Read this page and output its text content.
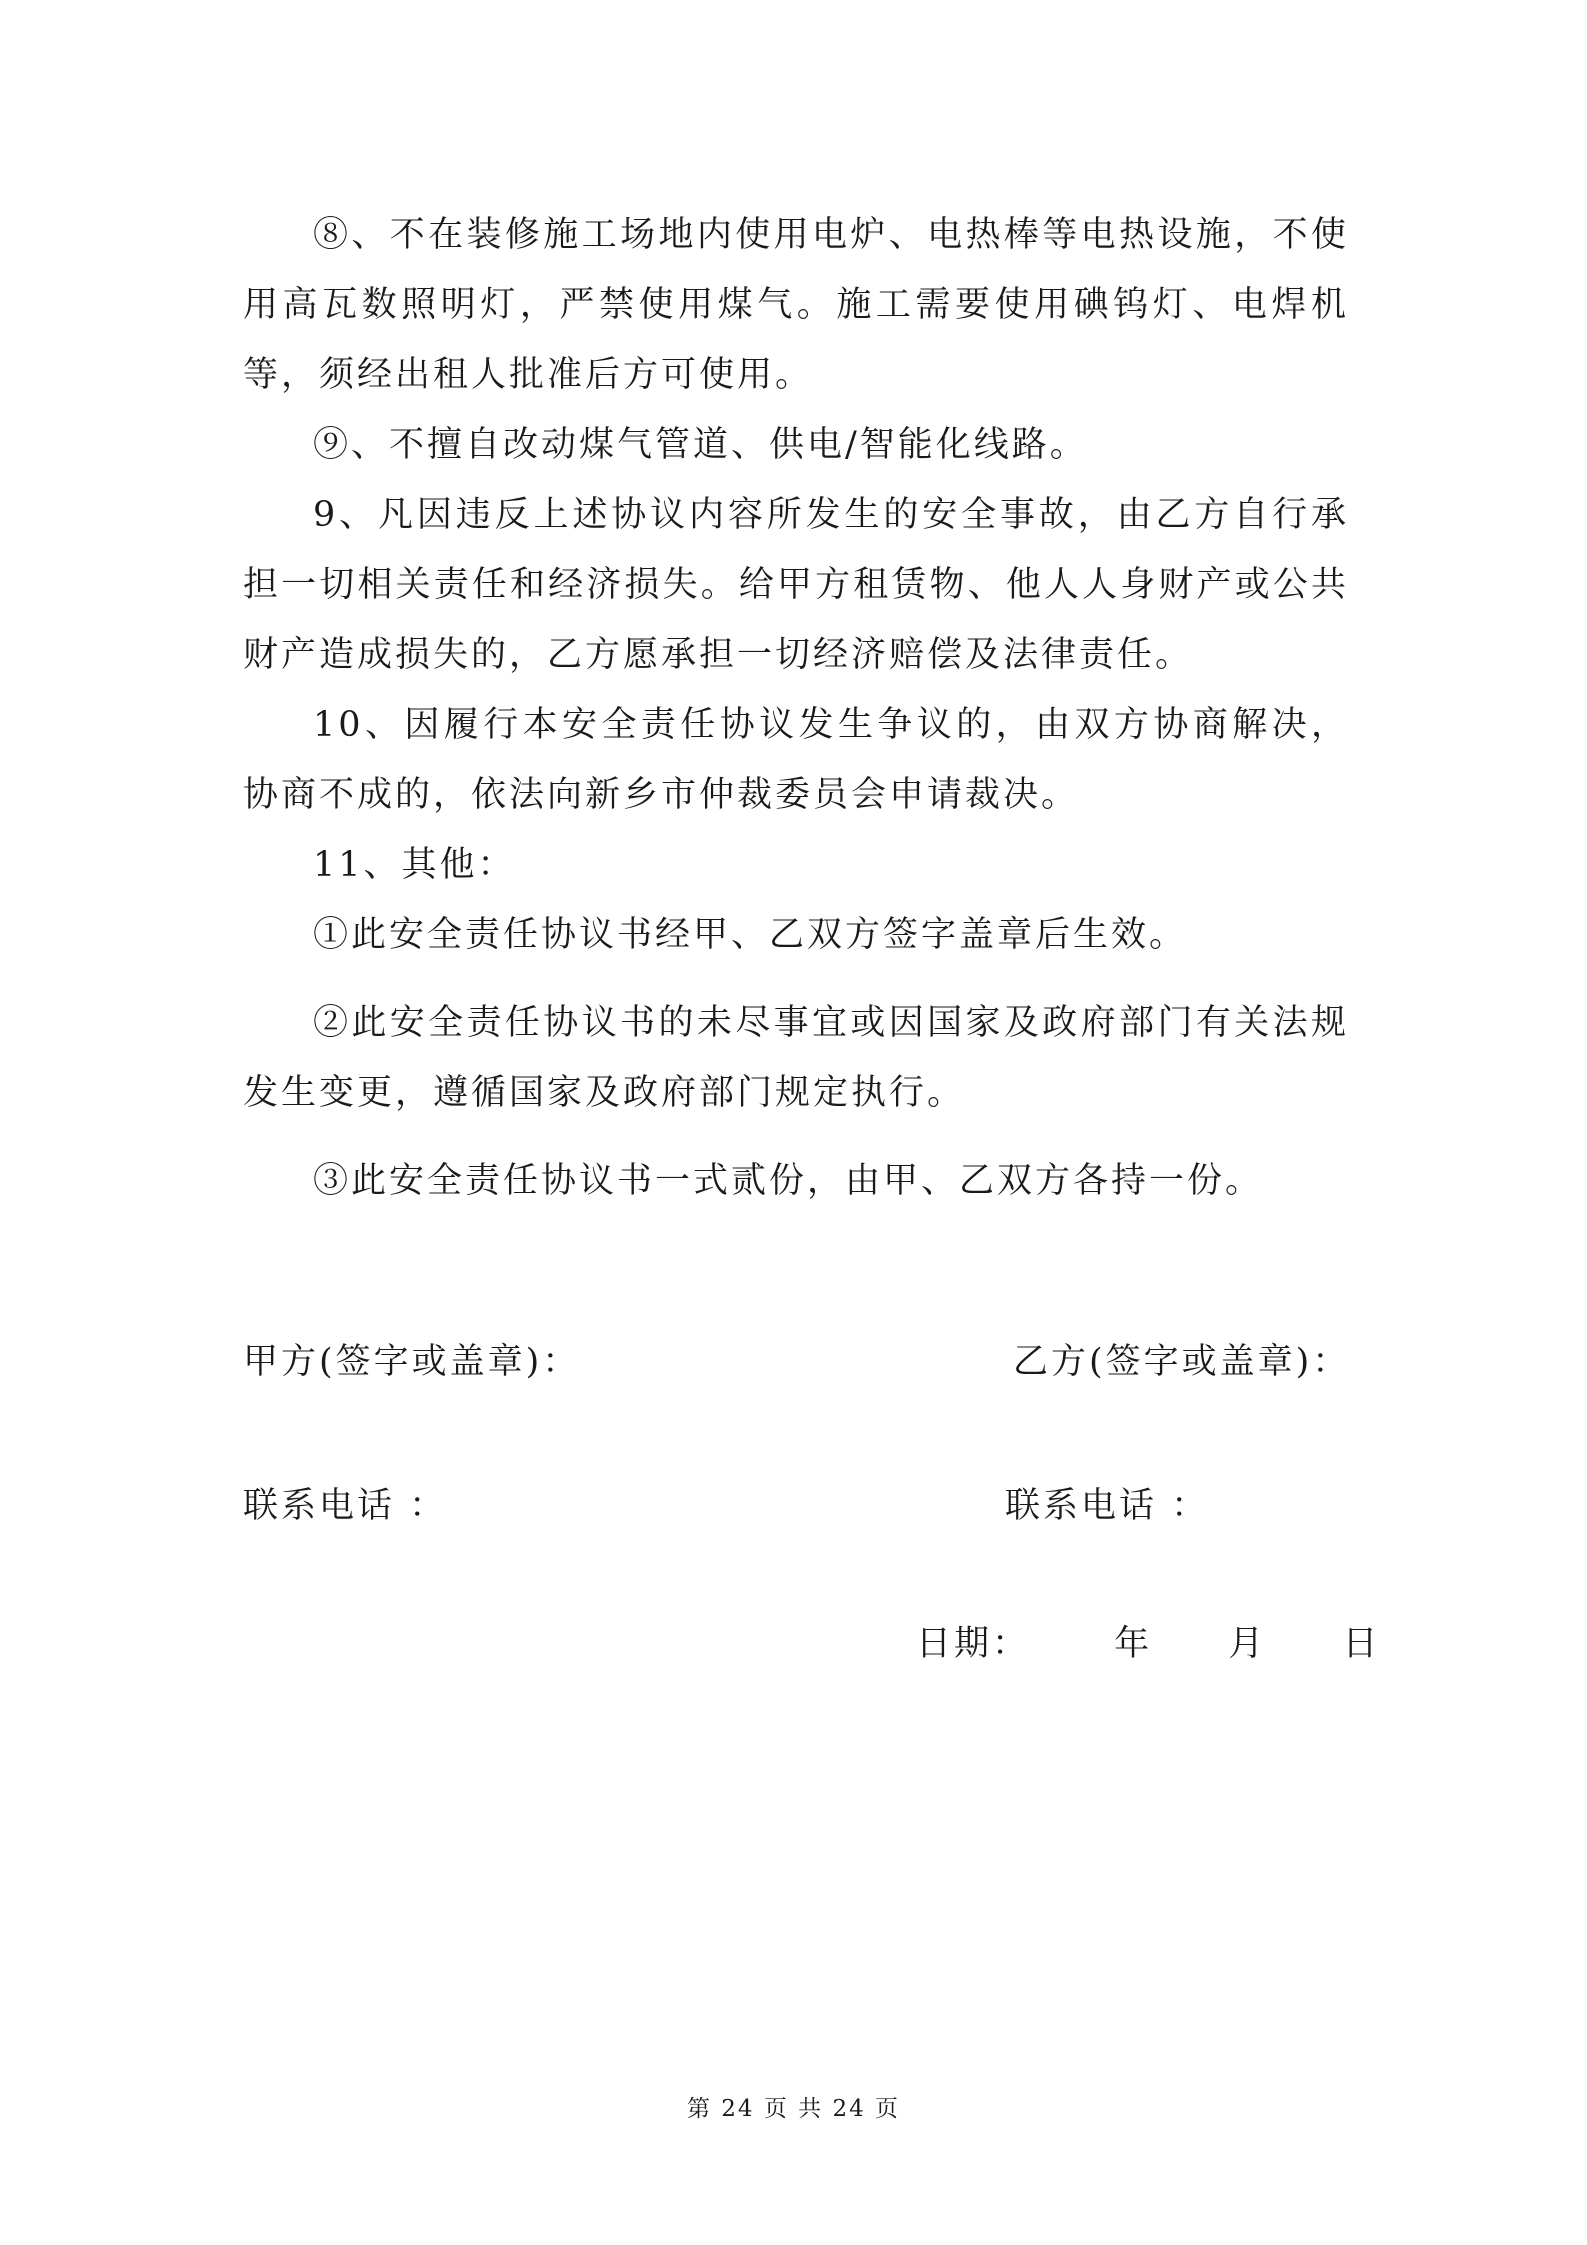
⑧、不在装修施工场地内使用电炉、电热棒等电热设施，不使用高瓦数照明灯，严禁使用煤气。施工需要使用碘钨灯、电焊机等，须经出租人批准后方可使用。

⑨、不擅自改动煤气管道、供电/智能化线路。

9、凡因违反上述协议内容所发生的安全事故，由乙方自行承担一切相关责任和经济损失。给甲方租赁物、他人人身财产或公共财产造成损失的，乙方愿承担一切经济赔偿及法律责任。

10、因履行本安全责任协议发生争议的，由双方协商解决，协商不成的，依法向新乡市仲裁委员会申请裁决。

11、其他：

①此安全责任协议书经甲、乙双方签字盖章后生效。

②此安全责任协议书的未尽事宜或因国家及政府部门有关法规发生变更，遵循国家及政府部门规定执行。

③此安全责任协议书一式贰份，由甲、乙双方各持一份。

甲方(签字或盖章)：	乙方(签字或盖章)：
联系电话 ：	联系电话 ：
日期： 年 月 日
第 24 页 共 24 页
